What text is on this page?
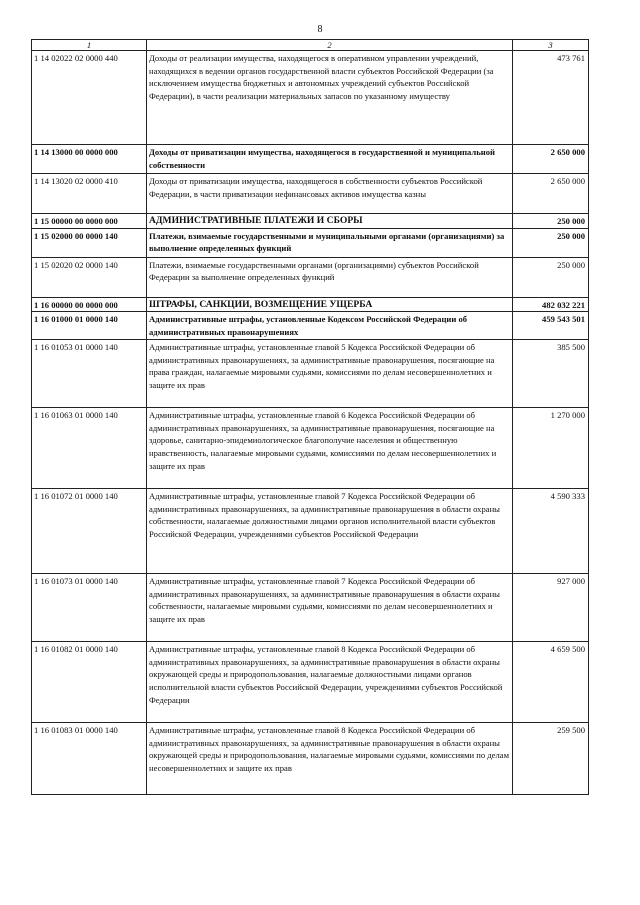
8
1	2	3
1 14 02022 02 0000 440	Доходы от реализации имущества, находящегося в оперативном управлении учреждений, находящихся в ведении органов государственной власти субъектов Российской Федерации (за исключением имущества бюджетных и автономных учреждений субъектов Российской Федерации), в части реализации материальных запасов по указанному имуществу	473 761
1 14 13000 00 0000 000	Доходы от приватизации имущества, находящегося в государственной и муниципальной собственности	2 650 000
1 14 13020 02 0000 410	Доходы от приватизации имущества, находящегося в собственности субъектов Российской Федерации, в части приватизации нефинансовых активов имущества казны	2 650 000
1 15 00000 00 0000 000	АДМИНИСТРАТИВНЫЕ ПЛАТЕЖИ И СБОРЫ	250 000
1 15 02000 00 0000 140	Платежи, взимаемые государственными и муниципальными органами (организациями) за выполнение определенных функций	250 000
1 15 02020 02 0000 140	Платежи, взимаемые государственными органами (организациями) субъектов Российской Федерации за выполнение определенных функций	250 000
1 16 00000 00 0000 000	ШТРАФЫ, САНКЦИИ, ВОЗМЕЩЕНИЕ УЩЕРБА	482 032 221
1 16 01000 01 0000 140	Административные штрафы, установленные Кодексом Российской Федерации об административных правонарушениях	459 543 501
1 16 01053 01 0000 140	Административные штрафы, установленные главой 5 Кодекса Российской Федерации об административных правонарушениях, за административные правонарушения, посягающие на права граждан, налагаемые мировыми судьями, комиссиями по делам несовершеннолетних и защите их прав	385 500
1 16 01063 01 0000 140	Административные штрафы, установленные главой 6 Кодекса Российской Федерации об административных правонарушениях, за административные правонарушения, посягающие на здоровье, санитарно-эпидемиологическое благополучие населения и общественную нравственность, налагаемые мировыми судьями, комиссиями по делам несовершеннолетних и защите их прав	1 270 000
1 16 01072 01 0000 140	Административные штрафы, установленные главой 7 Кодекса Российской Федерации об административных правонарушениях, за административные правонарушения в области охраны собственности, налагаемые должностными лицами органов исполнительной власти субъектов Российской Федерации, учреждениями субъектов Российской Федерации	4 590 333
1 16 01073 01 0000 140	Административные штрафы, установленные главой 7 Кодекса Российской Федерации об административных правонарушениях, за административные правонарушения в области охраны собственности, налагаемые мировыми судьями, комиссиями по делам несовершеннолетних и защите их прав	927 000
1 16 01082 01 0000 140	Административные штрафы, установленные главой 8 Кодекса Российской Федерации об административных правонарушениях, за административные правонарушения в области охраны окружающей среды и природопользования, налагаемые должностными лицами органов исполнительной власти субъектов Российской Федерации, учреждениями субъектов Российской Федерации	4 659 500
1 16 01083 01 0000 140	Административные штрафы, установленные главой 8 Кодекса Российской Федерации об административных правонарушениях, за административные правонарушения в области охраны окружающей среды и природопользования, налагаемые мировыми судьями, комиссиями по делам несовершеннолетних и защите их прав	259 500
